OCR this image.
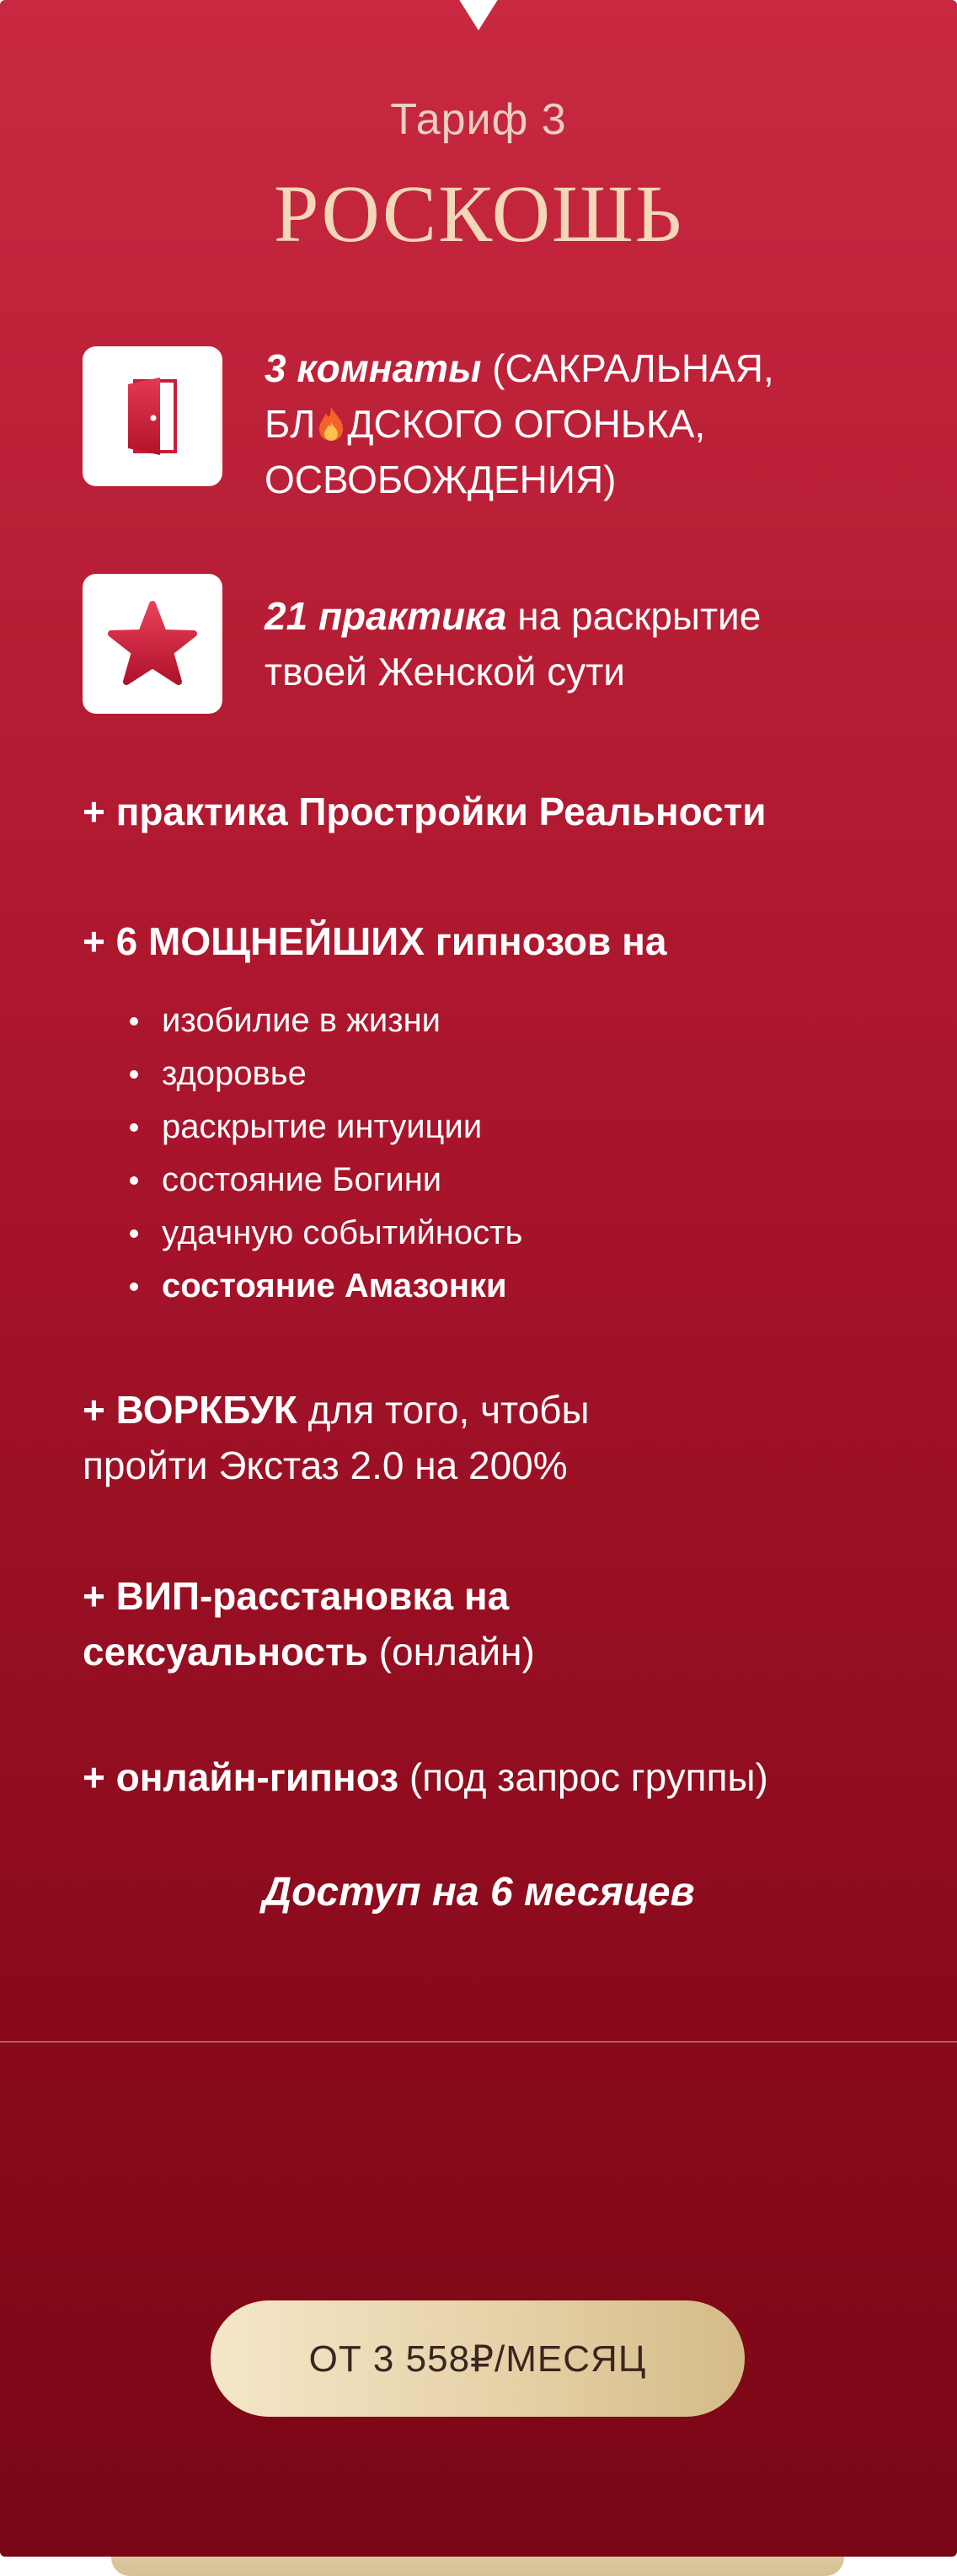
Тариф 3
РОСКОШЬ
3 комнаты (САКРАЛЬНАЯ,
БЛ ДСКОГО ОГОНЬКА,
ОСВОБОЖДЕНИЯ)
21 практика на раскрытие
твоей Женской сути
+ практика Простройки Реальности
+ 6 МОЩНЕЙШИХ гипнозов на
изобилие в жизни
здоровье
раскрытие интуиции
состояние Богини
удачную событийность
состояние Амазонки
+ ВОРКБУК для того, чтобы
пройти Экстаз 2.0 на 200%
+ ВИП-расстановка на
сексуальность (онлайн)
+ онлайн-гипноз (под запрос группы)
Доступ на 6 месяцев
ОТ 3 558₽/МЕСЯЦ
